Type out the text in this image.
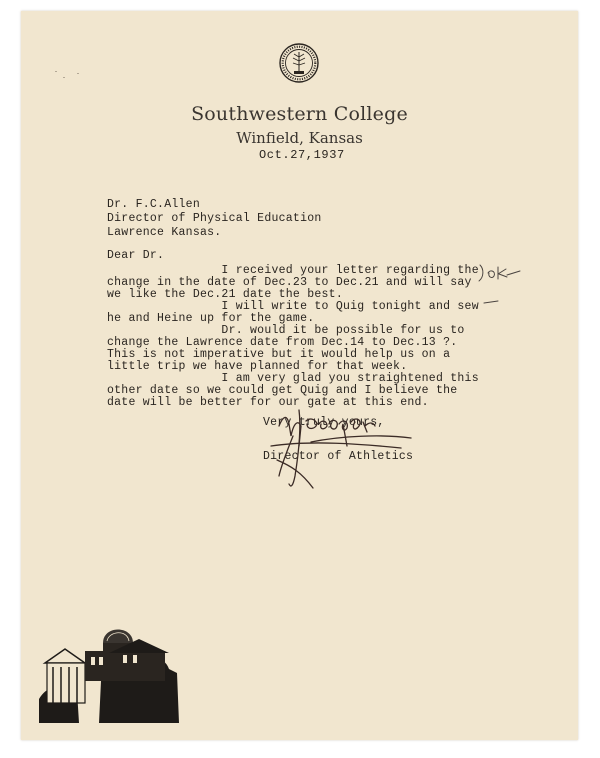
Southwestern College
Winfield, Kansas
Oct.27,1937
Dr. F.C.Allen
Director of Physical Education
Lawrence Kansas.
Dear Dr.
I received your letter regarding the
change in the date of Dec.23 to Dec.21 and will say
we like the Dec.21 date the best.
I will write to Quig tonight and sew
he and Heine up for the game.
Dr. would it be possible for us to
change the Lawrence date from Dec.14 to Dec.13 ?.
This is not imperative but it would help us on a
little trip we have planned for that week.
I am very glad you straightened this
other date so we could get Quig and I believe the
date will be better for our gate at this end.
Very truly yours,
Director of Athletics
